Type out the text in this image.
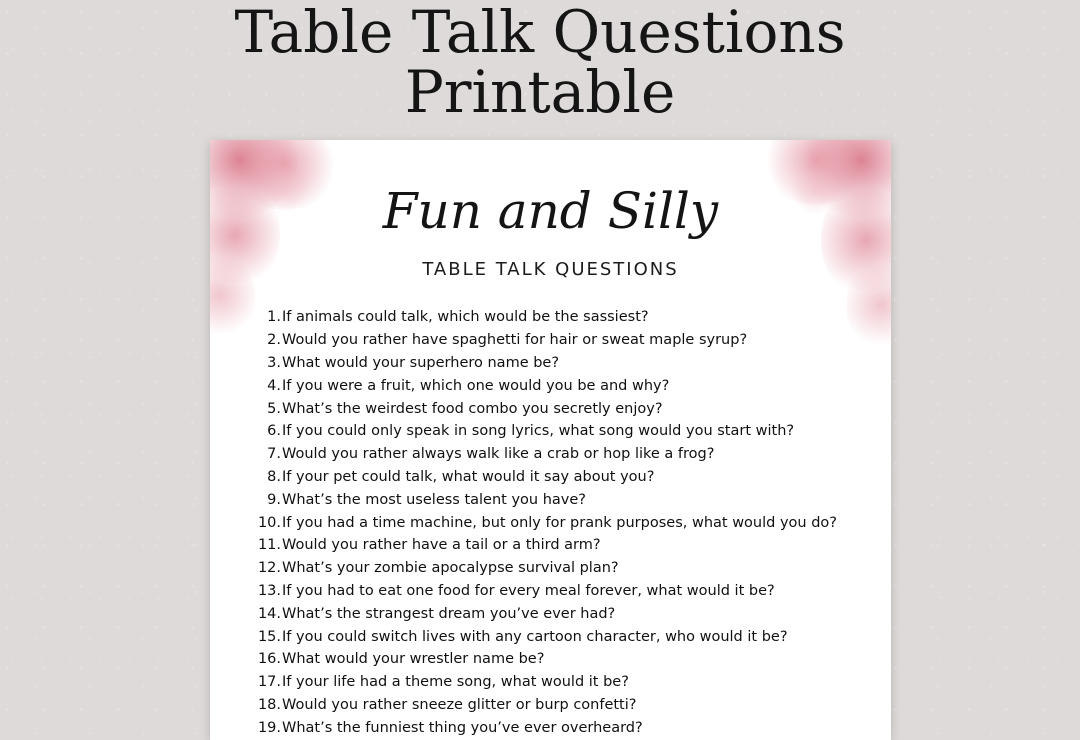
Table Talk Questions
Printable
Fun and Silly
TABLE TALK QUESTIONS
1. If animals could talk, which would be the sassiest?
2. Would you rather have spaghetti for hair or sweat maple syrup?
3. What would your superhero name be?
4. If you were a fruit, which one would you be and why?
5. What’s the weirdest food combo you secretly enjoy?
6. If you could only speak in song lyrics, what song would you start with?
7. Would you rather always walk like a crab or hop like a frog?
8. If your pet could talk, what would it say about you?
9. What’s the most useless talent you have?
10. If you had a time machine, but only for prank purposes, what would you do?
11. Would you rather have a tail or a third arm?
12. What’s your zombie apocalypse survival plan?
13. If you had to eat one food for every meal forever, what would it be?
14. What’s the strangest dream you’ve ever had?
15. If you could switch lives with any cartoon character, who would it be?
16. What would your wrestler name be?
17. If your life had a theme song, what would it be?
18. Would you rather sneeze glitter or burp confetti?
19. What’s the funniest thing you’ve ever overheard?
